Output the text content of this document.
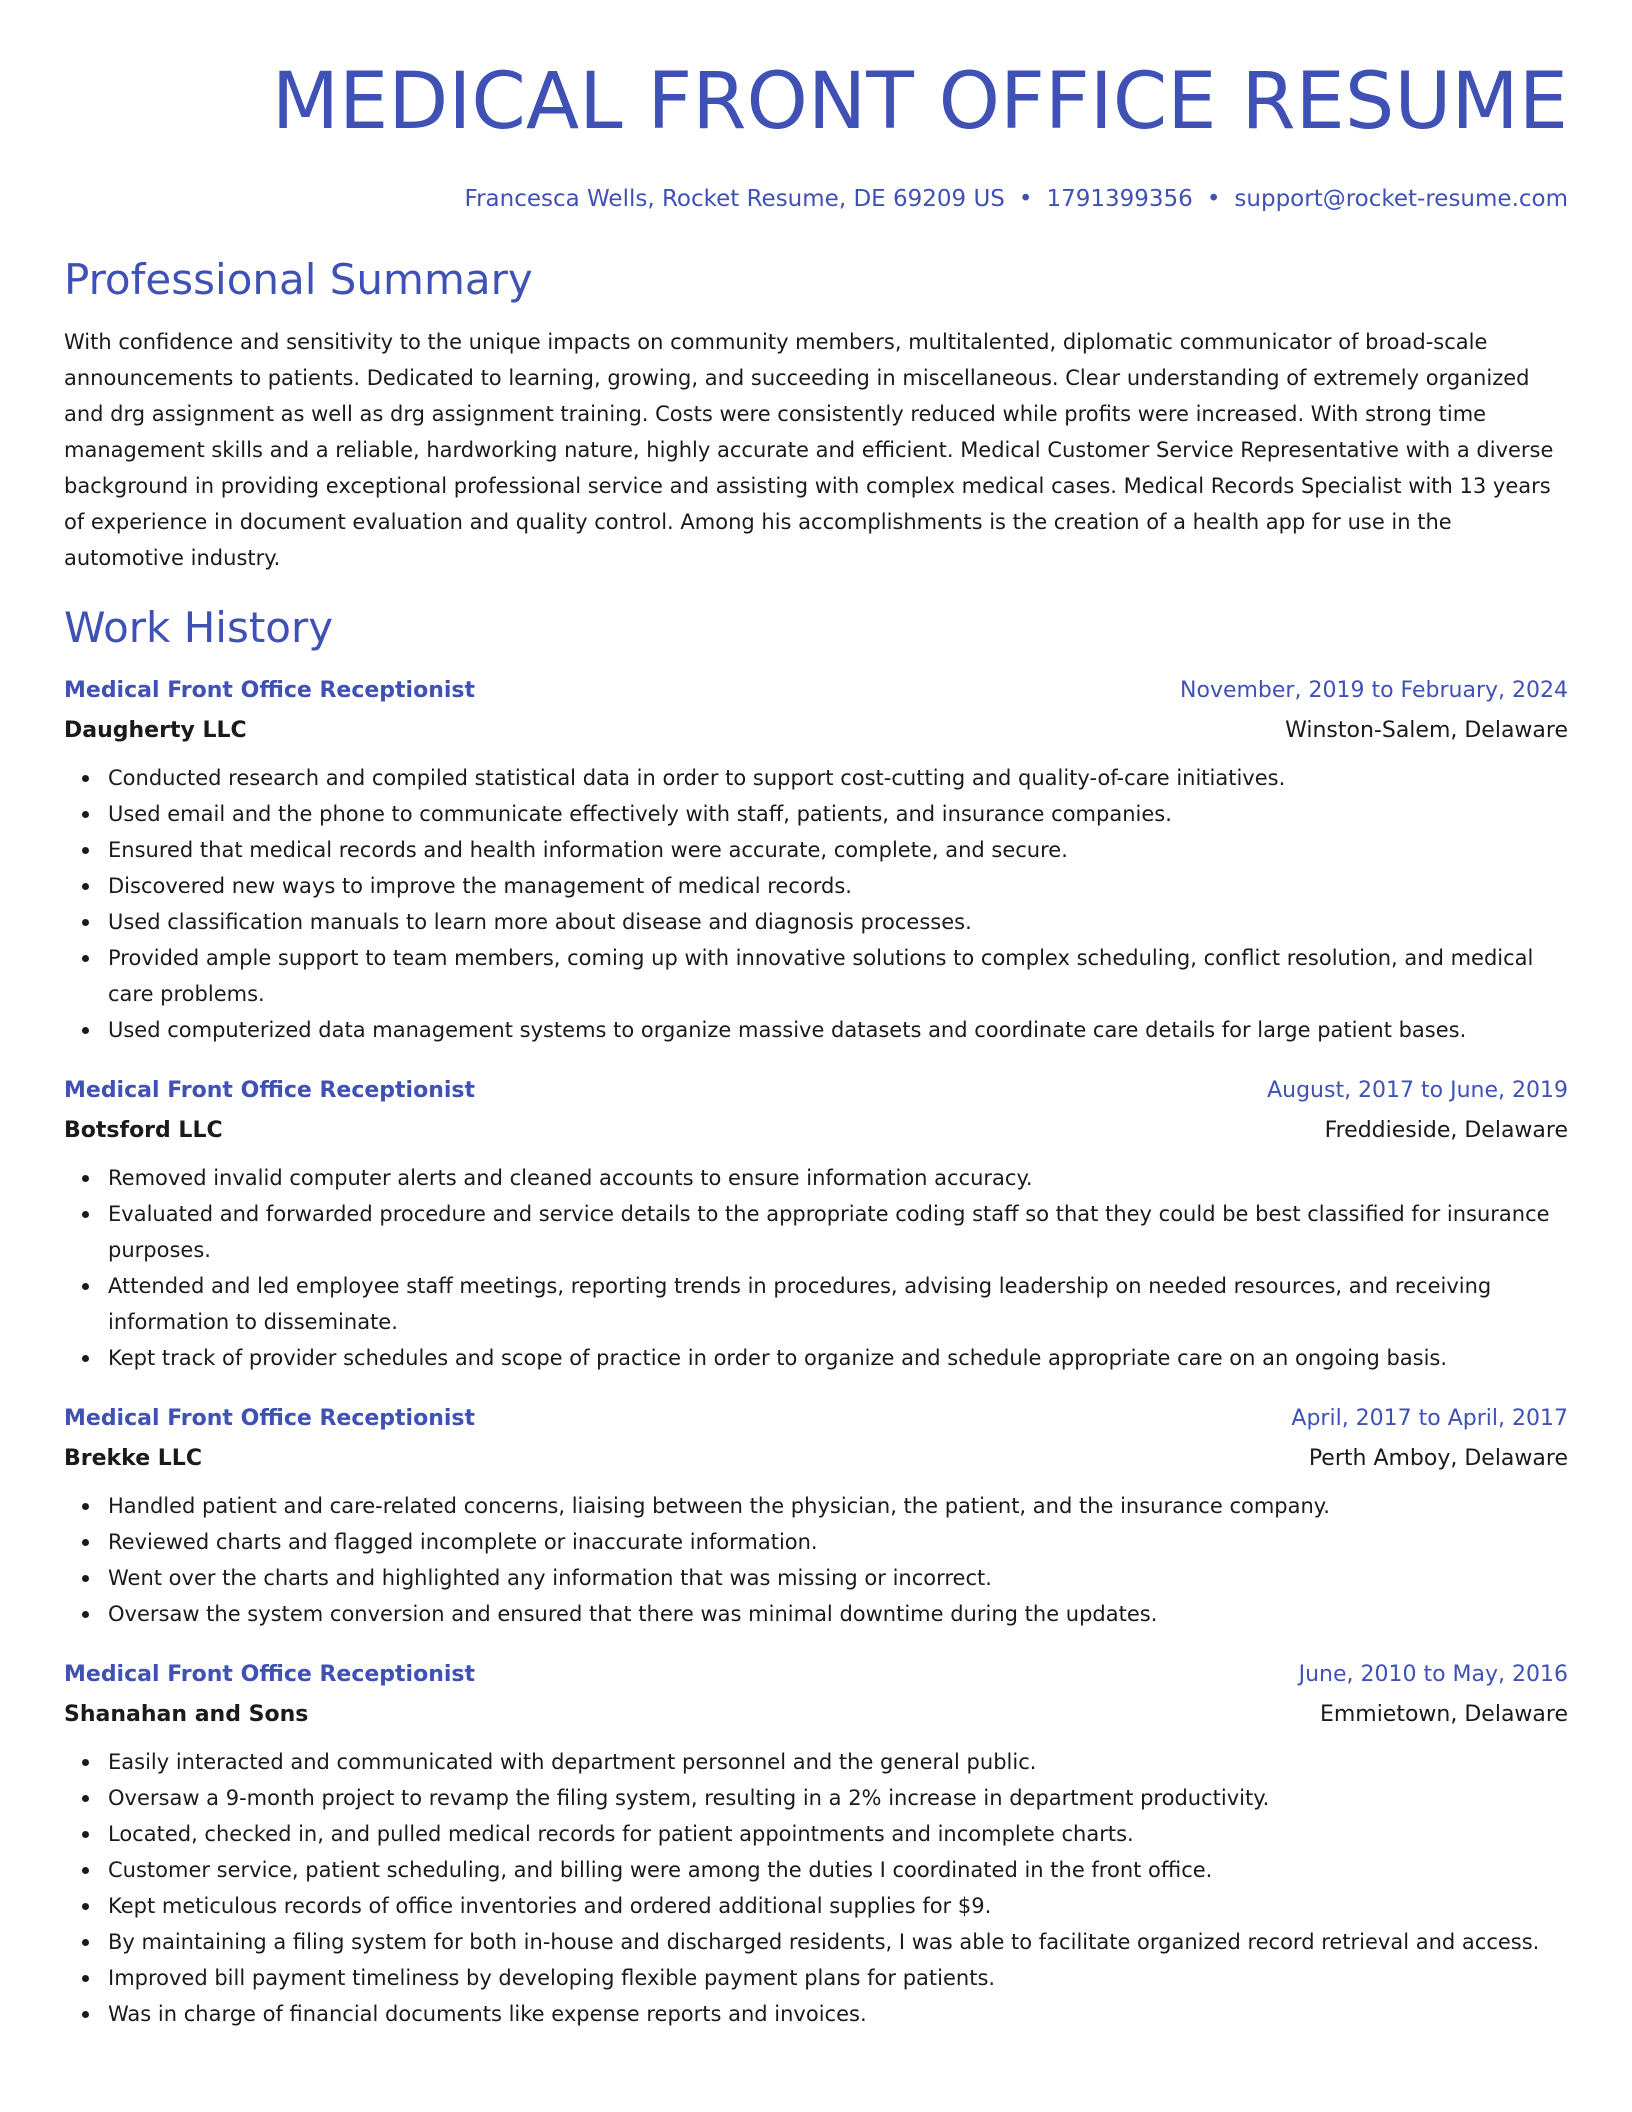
MEDICAL FRONT OFFICE RESUME
Francesca Wells, Rocket Resume, DE 69209 US • 1791399356 • support@rocket-resume.com
Professional Summary

With confidence and sensitivity to the unique impacts on community members, multitalented, diplomatic communicator of broad-scale announcements to patients. Dedicated to learning, growing, and succeeding in miscellaneous. Clear understanding of extremely organized and drg assignment as well as drg assignment training. Costs were consistently reduced while profits were increased. With strong time management skills and a reliable, hardworking nature, highly accurate and efficient. Medical Customer Service Representative with a diverse background in providing exceptional professional service and assisting with complex medical cases. Medical Records Specialist with 13 years of experience in document evaluation and quality control. Among his accomplishments is the creation of a health app for use in the automotive industry.

Work History
Medical Front Office Receptionist	November, 2019 to February, 2024
Daugherty LLC	Winston-Salem, Delaware
Conducted research and compiled statistical data in order to support cost-cutting and quality-of-care initiatives.
Used email and the phone to communicate effectively with staff, patients, and insurance companies.
Ensured that medical records and health information were accurate, complete, and secure.
Discovered new ways to improve the management of medical records.
Used classification manuals to learn more about disease and diagnosis processes.
Provided ample support to team members, coming up with innovative solutions to complex scheduling, conflict resolution, and medical care problems.
Used computerized data management systems to organize massive datasets and coordinate care details for large patient bases.
Medical Front Office Receptionist	August, 2017 to June, 2019
Botsford LLC	Freddieside, Delaware
Removed invalid computer alerts and cleaned accounts to ensure information accuracy.
Evaluated and forwarded procedure and service details to the appropriate coding staff so that they could be best classified for insurance purposes.
Attended and led employee staff meetings, reporting trends in procedures, advising leadership on needed resources, and receiving information to disseminate.
Kept track of provider schedules and scope of practice in order to organize and schedule appropriate care on an ongoing basis.
Medical Front Office Receptionist	April, 2017 to April, 2017
Brekke LLC	Perth Amboy, Delaware
Handled patient and care-related concerns, liaising between the physician, the patient, and the insurance company.
Reviewed charts and flagged incomplete or inaccurate information.
Went over the charts and highlighted any information that was missing or incorrect.
Oversaw the system conversion and ensured that there was minimal downtime during the updates.
Medical Front Office Receptionist	June, 2010 to May, 2016
Shanahan and Sons	Emmietown, Delaware
Easily interacted and communicated with department personnel and the general public.
Oversaw a 9-month project to revamp the filing system, resulting in a 2% increase in department productivity.
Located, checked in, and pulled medical records for patient appointments and incomplete charts.
Customer service, patient scheduling, and billing were among the duties I coordinated in the front office.
Kept meticulous records of office inventories and ordered additional supplies for $9.
By maintaining a filing system for both in-house and discharged residents, I was able to facilitate organized record retrieval and access.
Improved bill payment timeliness by developing flexible payment plans for patients.
Was in charge of financial documents like expense reports and invoices.
